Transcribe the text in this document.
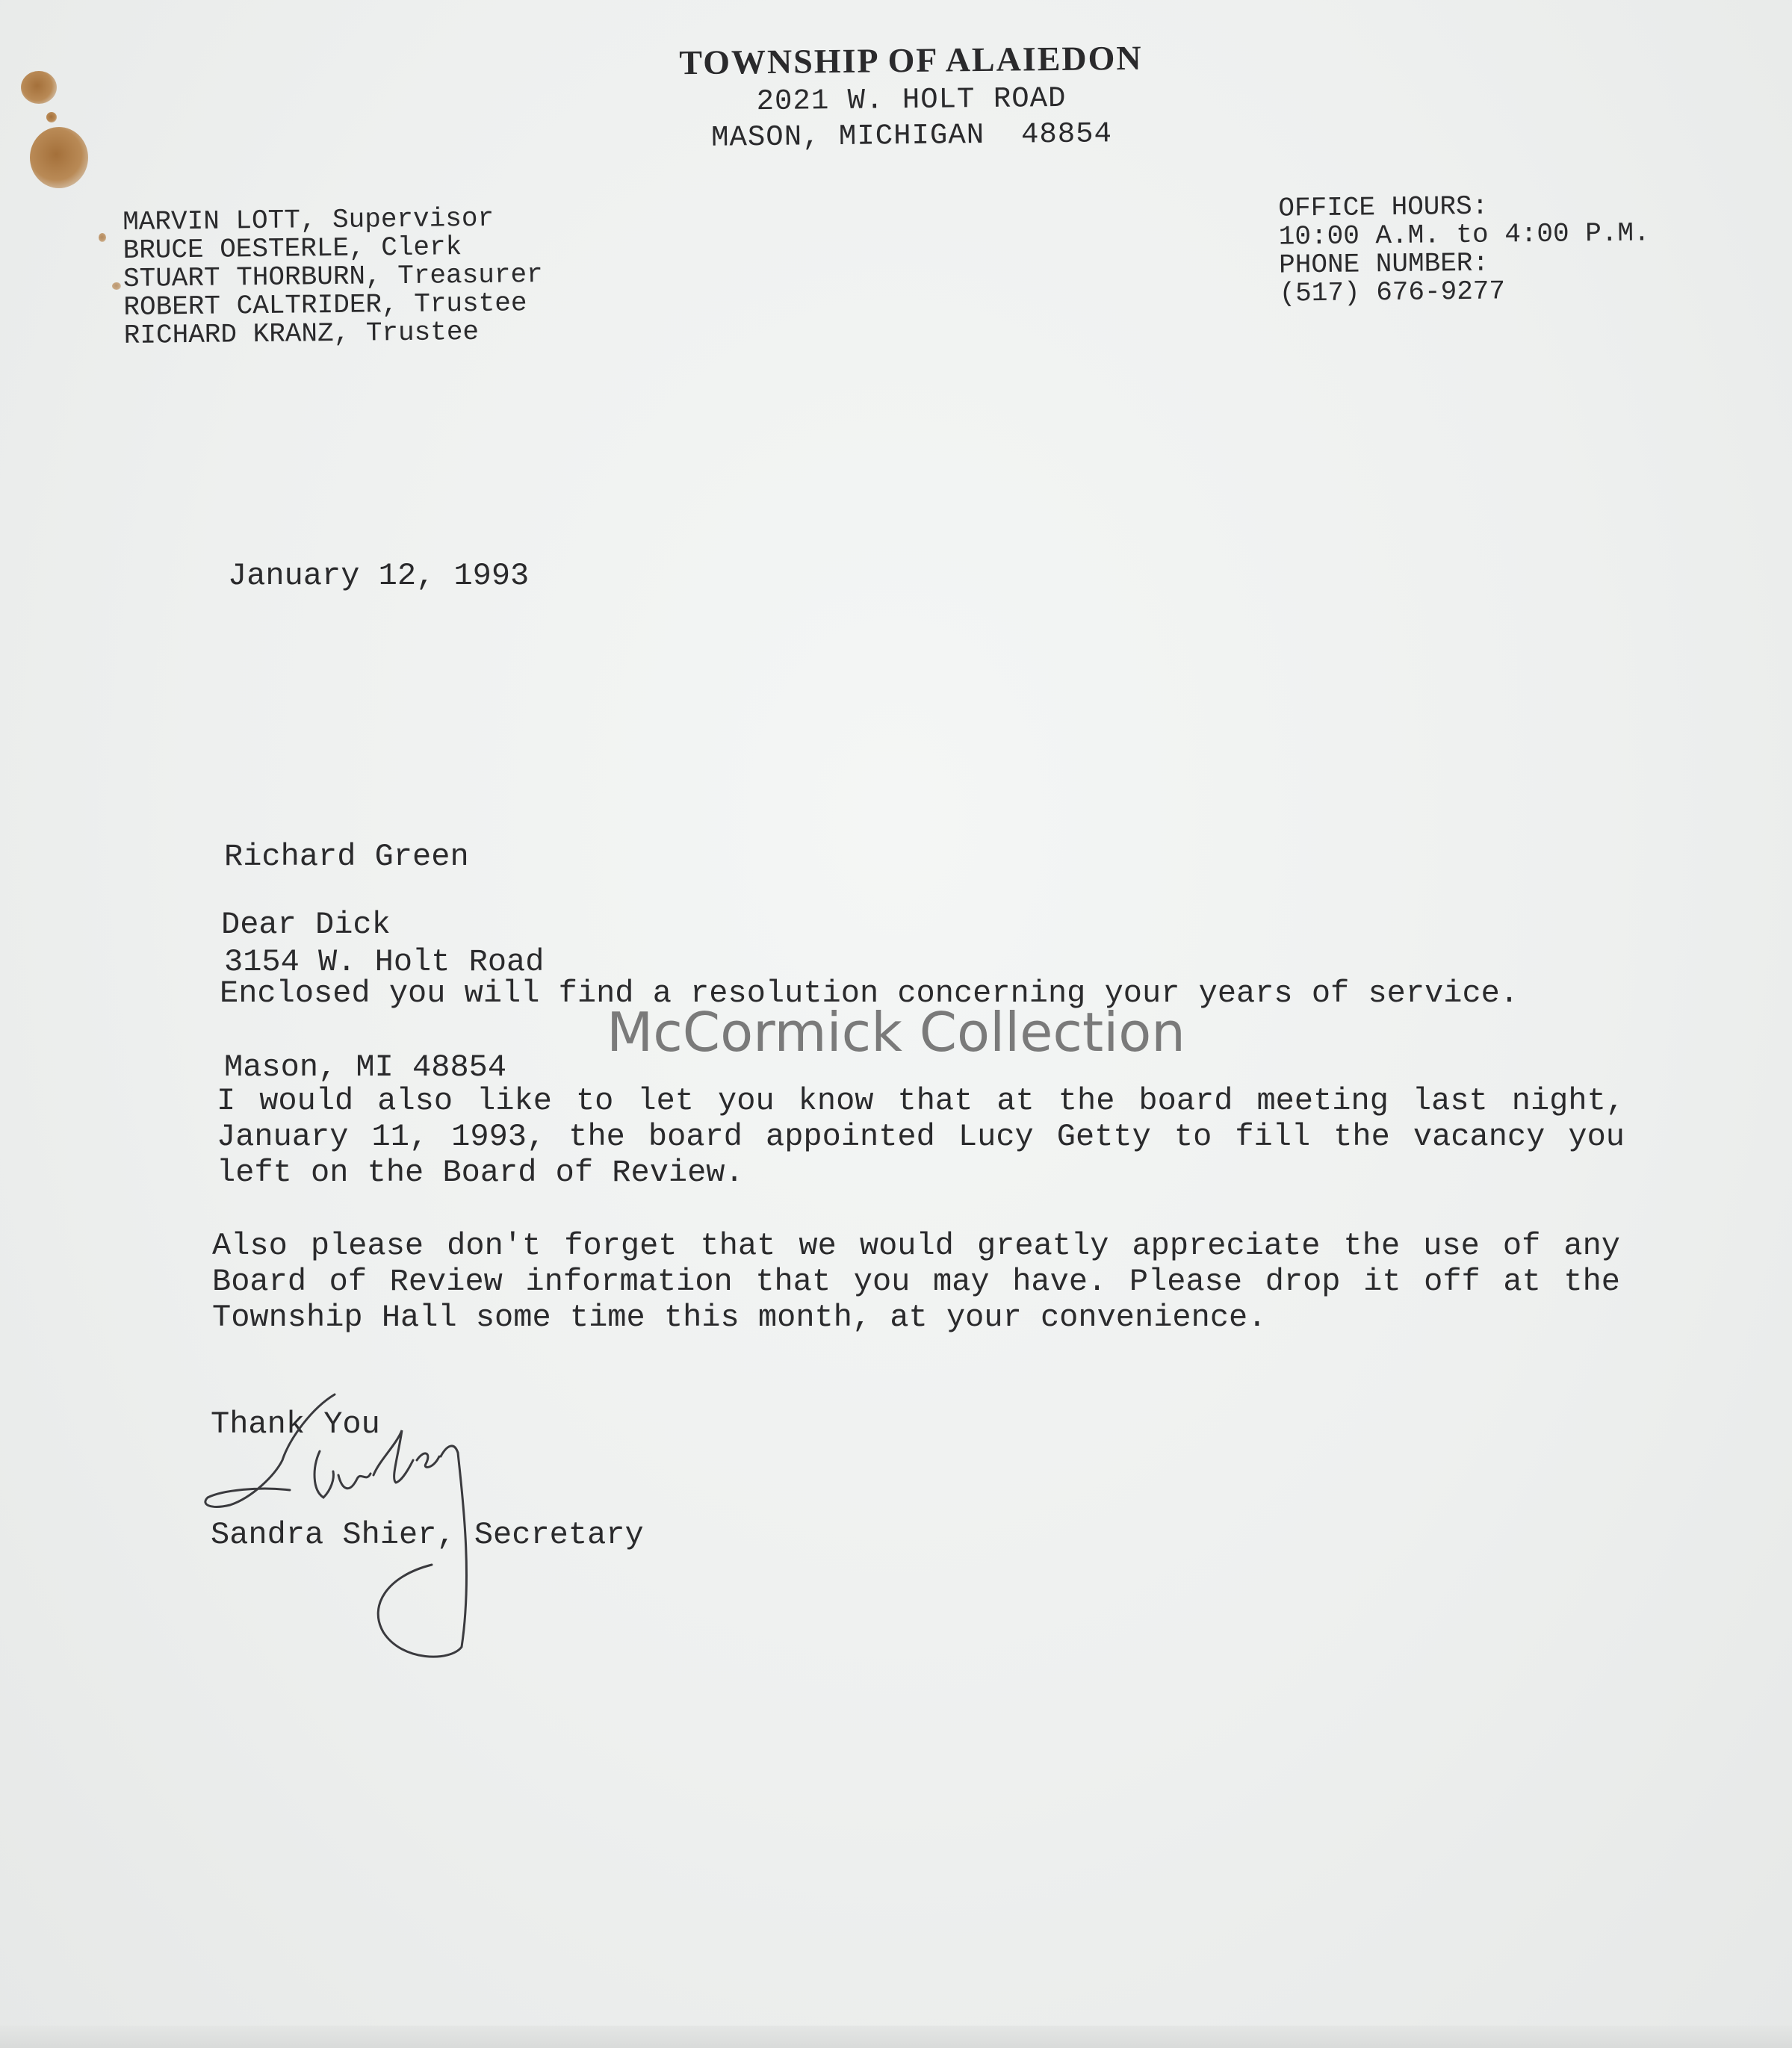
TOWNSHIP OF ALAIEDON
2021 W. HOLT ROAD
MASON, MICHIGAN  48854
MARVIN LOTT, Supervisor
BRUCE OESTERLE, Clerk
STUART THORBURN, Treasurer
ROBERT CALTRIDER, Trustee
RICHARD KRANZ, Trustee
OFFICE HOURS:
10:00 A.M. to 4:00 P.M.
PHONE NUMBER:
(517) 676-9277
January 12, 1993

Richard Green

3154 W. Holt Road

Mason, MI 48854

Dear Dick
Enclosed you will find a resolution concerning your years of service.
I would also like to let you know that at the board meeting last night, January 11, 1993, the board appointed Lucy Getty to fill the vacancy you left on the Board of Review.
Also please don't forget that we would greatly appreciate the use of any Board of Review information that you may have. Please drop it off at the Township Hall some time this month, at your convenience.
McCormick Collection
Thank You
Sandra Shier, Secretary
